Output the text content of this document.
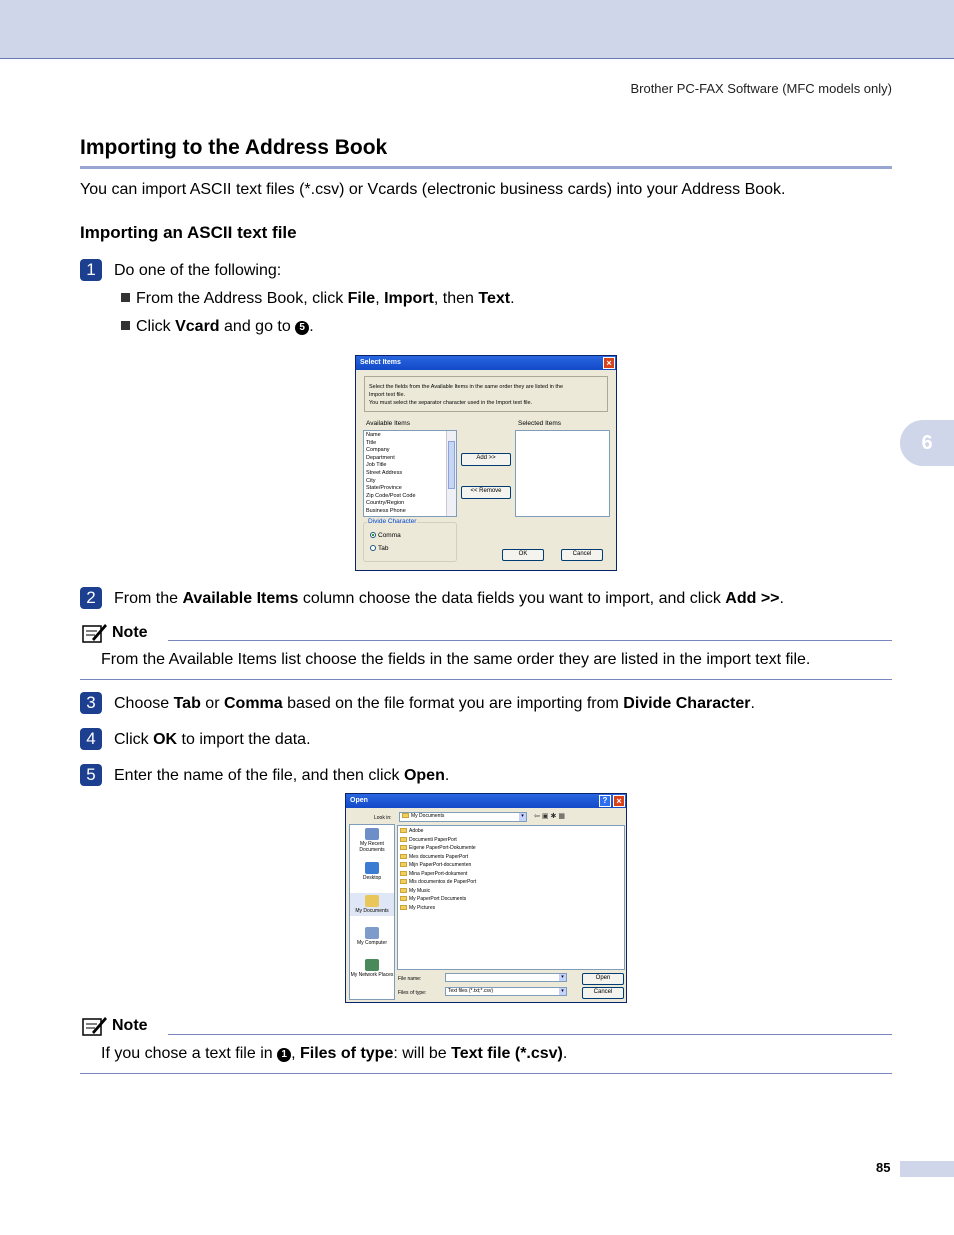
Brother PC-FAX Software (MFC models only)
6
Importing to the Address Book
You can import ASCII text files (*.csv) or Vcards (electronic business cards) into your Address Book.
Importing an ASCII text file
1	Do one of the following:
From the Address Book, click File, Import, then Text.
Click Vcard and go to 5 .
Select Items	×
Select the fields from the Available Items in the same order they are listed in the
Import text file.
You must select the separator character used in the Import text file.
Available Items	Selected Items
Name
Title
Company
Department
Job Title
Street Address
City
State/Province
Zip Code/Post Code
Country/Region
Business Phone
Add >>
<< Remove
Divide Character
Comma
Tab
OK	Cancel
2	From the Available Items column choose the data fields you want to import, and click Add >>.
Note
From the Available Items list choose the fields in the same order they are listed in the import text file.
3	Choose Tab or Comma based on the file format you are importing from Divide Character.
4	Click OK to import the data.
5	Enter the name of the file, and then click Open.
Open	? ×
Look in:	My Documents	▾	⇦▣✱▦
My Recent Documents
Desktop
My Documents
My Computer
My Network Places
Adobe
Documenti PaperPort
Eigene PaperPort-Dokumente
Mes documents PaperPort
Mijn PaperPort-documenten
Mina PaperPort-dokument
Mis documentos de PaperPort
My Music
My PaperPort Documents
My Pictures
File name:	▾
Files of type:	Text files (*.txt;*.csv)	▾
Open
Cancel
Note
If you chose a text file in 1 , Files of type: will be Text file (*.csv).
85
